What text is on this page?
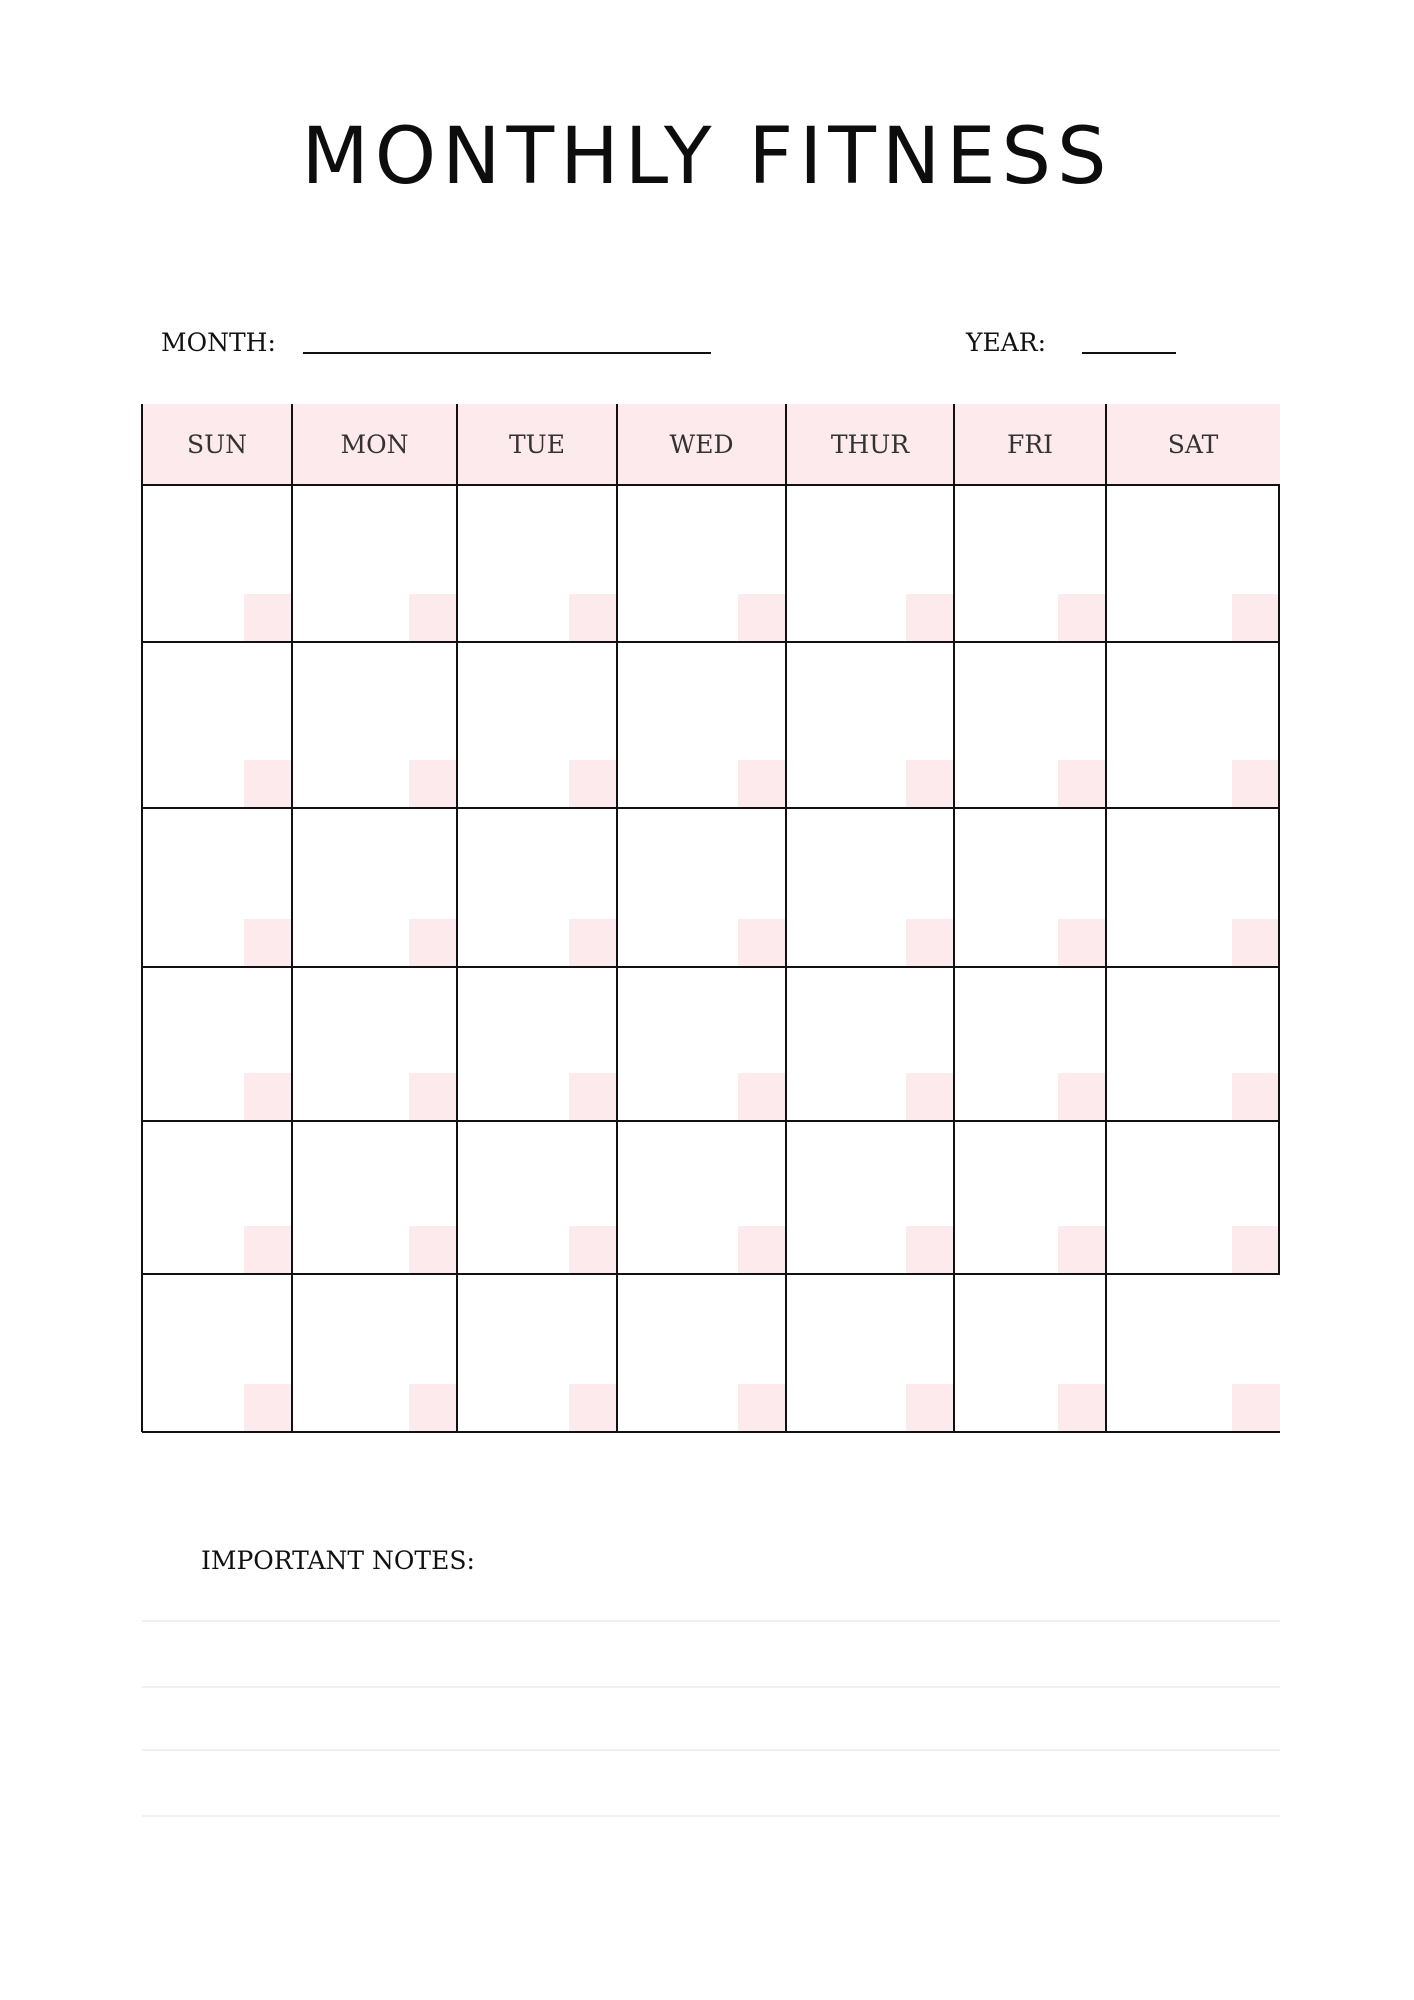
MONTHLY FITNESS
MONTH:	YEAR:
SUN	MON	TUE	WED	THUR	FRI	SAT
IMPORTANT NOTES:
